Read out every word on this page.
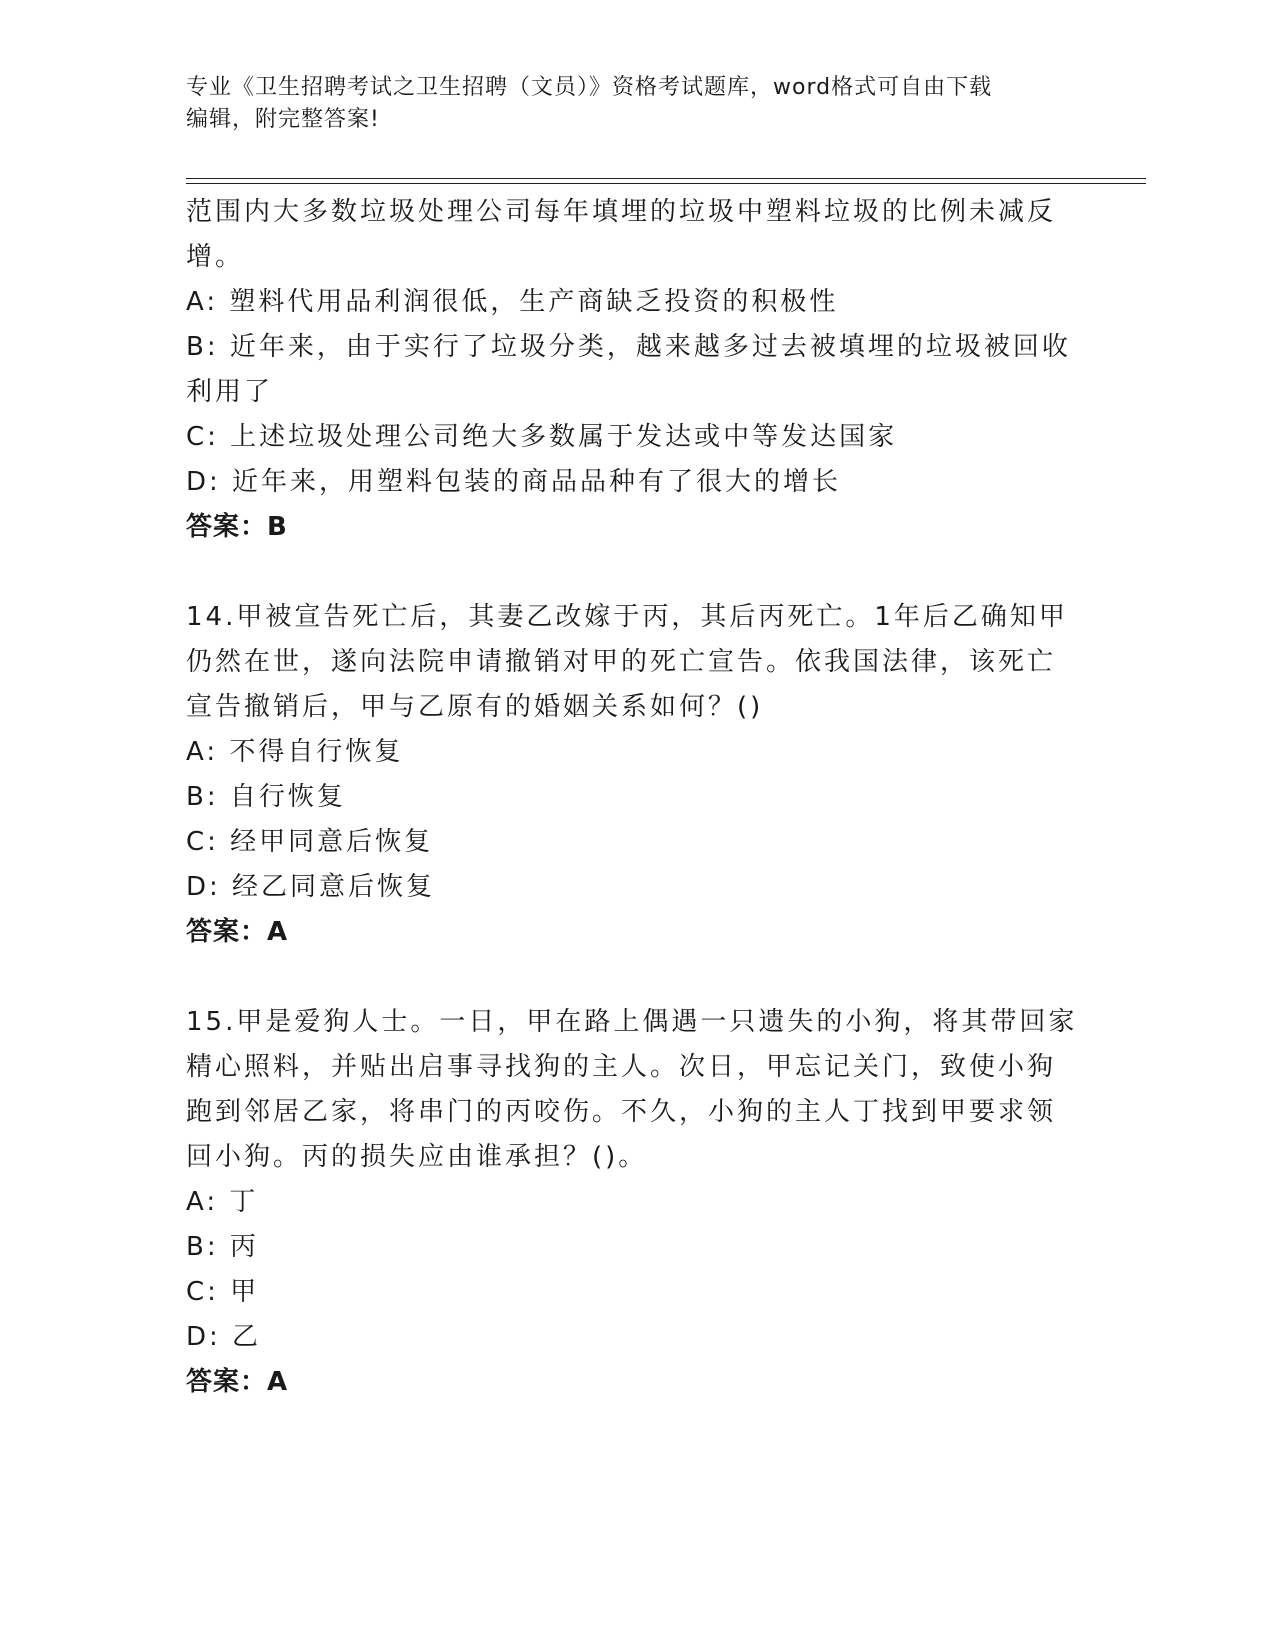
专业《卫生招聘考试之卫生招聘（文员）》资格考试题库，word格式可自由下载
编辑，附完整答案!
范围内大多数垃圾处理公司每年填埋的垃圾中塑料垃圾的比例未减反
增。
A: 塑料代用品利润很低，生产商缺乏投资的积极性
B: 近年来，由于实行了垃圾分类，越来越多过去被填埋的垃圾被回收
利用了
C: 上述垃圾处理公司绝大多数属于发达或中等发达国家
D: 近年来，用塑料包装的商品品种有了很大的增长
答案：B
14.甲被宣告死亡后，其妻乙改嫁于丙，其后丙死亡。1年后乙确知甲
仍然在世，遂向法院申请撤销对甲的死亡宣告。依我国法律，该死亡
宣告撤销后，甲与乙原有的婚姻关系如何？()
A: 不得自行恢复
B: 自行恢复
C: 经甲同意后恢复
D: 经乙同意后恢复
答案：A
15.甲是爱狗人士。一日，甲在路上偶遇一只遗失的小狗，将其带回家
精心照料，并贴出启事寻找狗的主人。次日，甲忘记关门，致使小狗
跑到邻居乙家，将串门的丙咬伤。不久，小狗的主人丁找到甲要求领
回小狗。丙的损失应由谁承担？()。
A: 丁
B: 丙
C: 甲
D: 乙
答案：A
